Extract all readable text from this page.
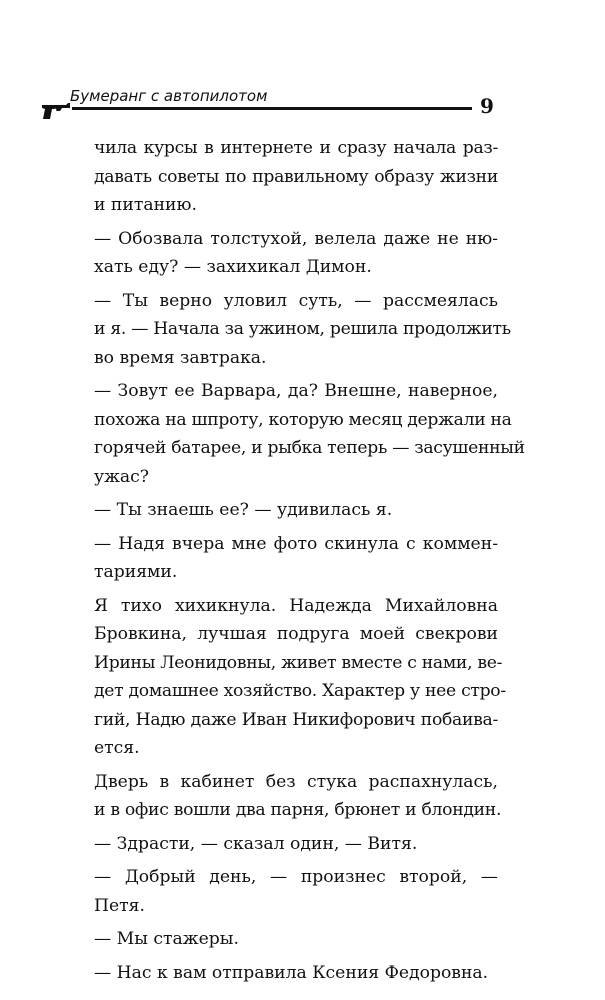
Бумеранг с автопилотом	9
чила курсы в интернете и сразу начала раз-
давать советы по правильному образу жизни
и питанию.
— Обозвала толстухой, велела даже не ню-
хать еду? — захихикал Димон.
— Ты верно уловил суть, — рассмеялась
и я. — Начала за ужином, решила продолжить
во время завтрака.
— Зовут ее Варвара, да? Внешне, наверное,
похожа на шпроту, которую месяц держали на
горячей батарее, и рыбка теперь — засушенный
ужас?
— Ты знаешь ее? — удивилась я.
— Надя вчера мне фото скинула с коммен-
тариями.
Я тихо хихикнула. Надежда Михайловна
Бровкина, лучшая подруга моей свекрови
Ирины Леонидовны, живет вместе с нами, ве-
дет домашнее хозяйство. Характер у нее стро-
гий, Надю даже Иван Никифорович побаива-
ется.
Дверь в кабинет без стука распахнулась,
и в офис вошли два парня, брюнет и блондин.
— Здрасти, — сказал один, — Витя.
— Добрый день, — произнес второй, —
Петя.
— Мы стажеры.
— Нас к вам отправила Ксения Федоровна.
